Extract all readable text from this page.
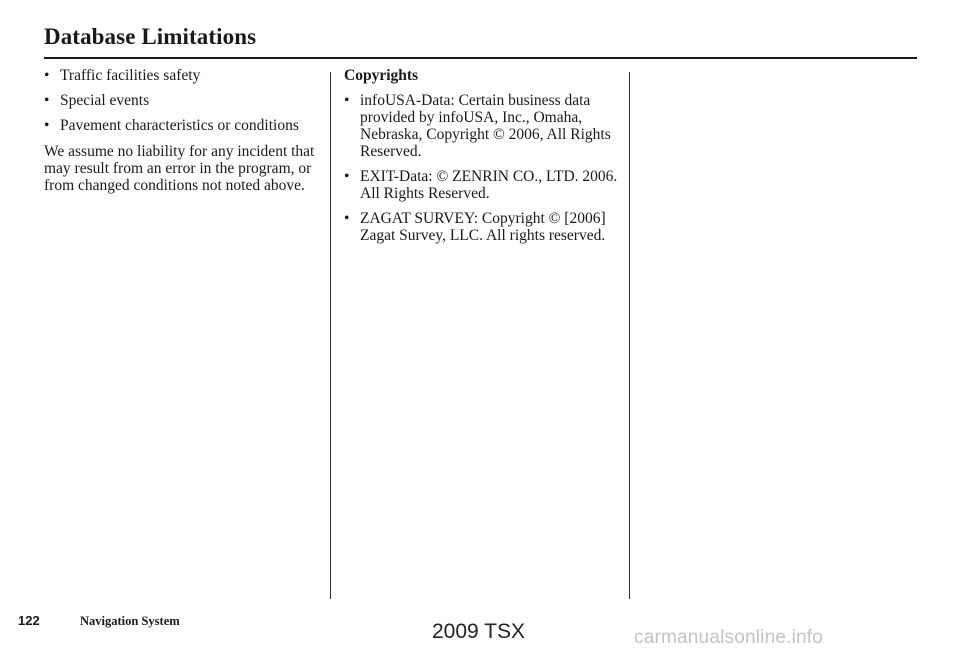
Database Limitations
• Traffic facilities safety
• Special events
• Pavement characteristics or conditions

We assume no liability for any incident that may result from an error in the program, or from changed conditions not noted above.

Copyrights

• infoUSA-Data: Certain business data provided by infoUSA, Inc., Omaha, Nebraska, Copyright © 2006, All Rights Reserved.
• EXIT-Data: © ZENRIN CO., LTD. 2006. All Rights Reserved.
• ZAGAT SURVEY: Copyright © [2006] Zagat Survey, LLC. All rights reserved.
122	Navigation System	2009 TSX	carmanualsonline.info
